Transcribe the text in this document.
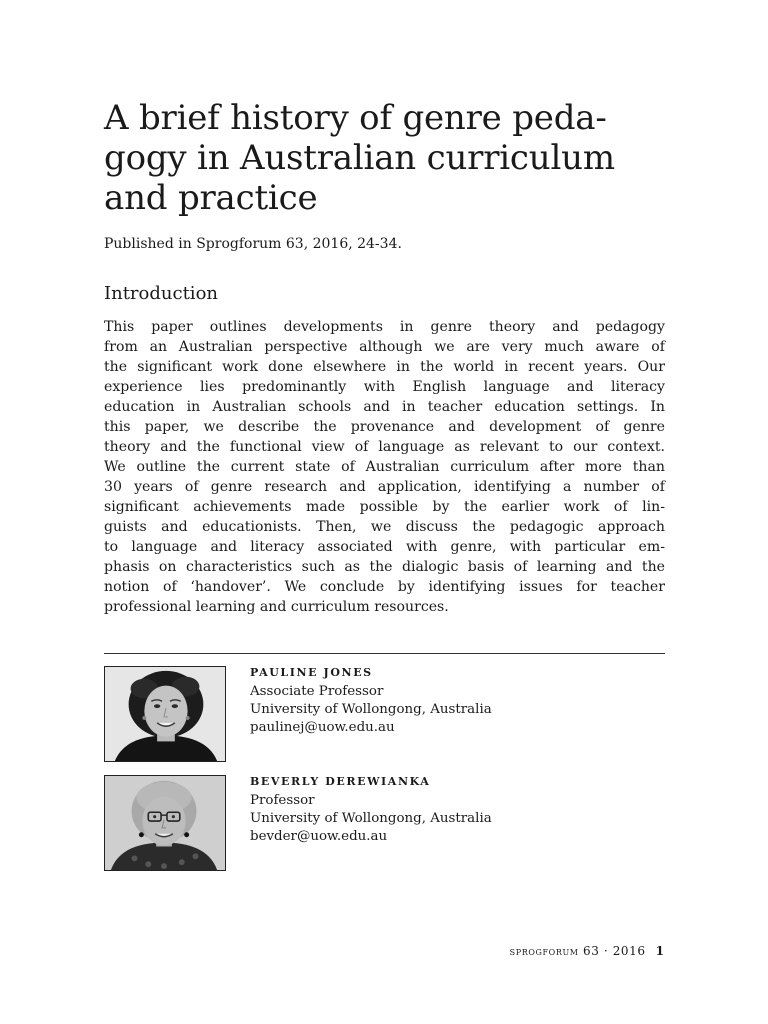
A brief history of genre peda-
gogy in Australian curriculum
and practice
Published in Sprogforum 63, 2016, 24-34.
Introduction

This paper outlines developments in genre theory and pedagogy
from an Australian perspective although we are very much aware of
the significant work done elsewhere in the world in recent years. Our
experience lies predominantly with English language and literacy
education in Australian schools and in teacher education settings. In
this paper, we describe the provenance and development of genre
theory and the functional view of language as relevant to our context.
We outline the current state of Australian curriculum after more than
30 years of genre research and application, identifying a number of
significant achievements made possible by the earlier work of lin-
guists and educationists. Then, we discuss the pedagogic approach
to language and literacy associated with genre, with particular em-
phasis on characteristics such as the dialogic basis of learning and the
notion of ‘handover’. We conclude by identifying issues for teacher
professional learning and curriculum resources.

PAULINE JONES
Associate Professor
University of Wollongong, Australia
paulinej@uow.edu.au
BEVERLY DEREWIANKA
Professor
University of Wollongong, Australia
bevder@uow.edu.au
sprogforum 63 · 2016 1
